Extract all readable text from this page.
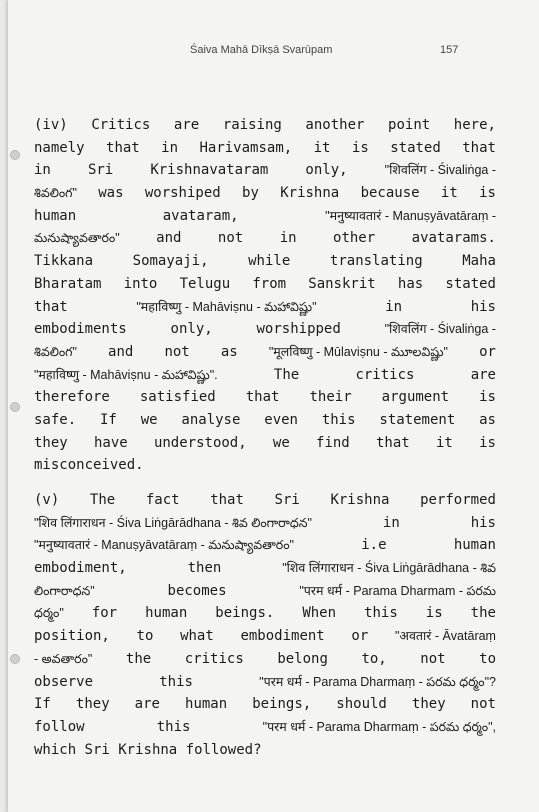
Śaiva Mahā Dīkṣā Svarūpam	157
(iv) Critics are raising another point here,
namely that in Harivamsam, it is stated that
in	Sri	Krishnavataram	only,	"शिवलिंग - Śivaliṅga -
శివలింగ" was worshiped by Krishna because it is
human	avataram,	"मनुष्यावतारं - Manuṣyāvatāraṃ -
మనుష్యావతారం"	and	not	in	other	avatarams.
Tikkana	Somayaji,	while	translating	Maha
Bharatam into Telugu from Sanskrit has stated
that	"महाविष्णु - Mahāviṣnu - మహావిష్ణు"	in	his
embodiments	only,	worshipped	"शिवलिंग - Śivaliṅga -
శివలింగ" and not as "मूलविष्णु - Mūlaviṣnu - మూలవిష్ణు" or
"महाविष्णु - Mahāviṣnu - మహావిష్ణు".	The	critics	are
therefore satisfied that their argument is
safe. If we analyse even this statement as
they have understood, we find that it is
misconceived.
(v) The fact that Sri Krishna performed
"शिव लिंगाराधन - Śiva Liṅgārādhana - శివ లింగారాధన"	in	his
"मनुष्यावतारं - Manuṣyāvatāraṃ - మనుష్యావతారం"	i.e	human
embodiment,	then	"शिव लिंगाराधन - Śiva Liṅgārādhana - శివ
లింగారాధన"	becomes	"परम धर्म - Parama Dharmam - పరమ
ధర్మం" for human beings. When this is the
position, to what embodiment or "अवतारं - Āvatāraṃ
- అవతారం" the critics belong to, not to
observe	this	"परम धर्म - Parama Dharmaṃ - పరమ ధర్మం"?
If they are human beings, should they not
follow	this	"परम धर्म - Parama Dharmaṃ - పరమ ధర్మం",
which Sri Krishna followed?
